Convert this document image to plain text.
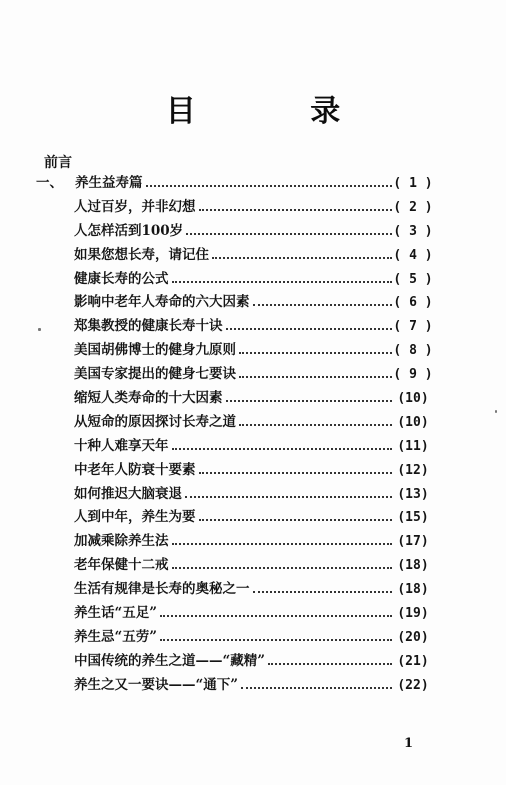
目 录
前言
一、 养生益寿篇	( 1 )
人过百岁，并非幻想	( 2 )
人怎样活到100岁	( 3 )
如果您想长寿，请记住	( 4 )
健康长寿的公式	( 5 )
影响中老年人寿命的六大因素	( 6 )
郑集教授的健康长寿十诀	( 7 )
美国胡佛博士的健身九原则	( 8 )
美国专家提出的健身七要诀	( 9 )
缩短人类寿命的十大因素	(10)
从短命的原因探讨长寿之道	(10)
十种人难享天年	(11)
中老年人防衰十要素	(12)
如何推迟大脑衰退	(13)
人到中年，养生为要	(15)
加减乘除养生法	(17)
老年保健十二戒	(18)
生活有规律是长寿的奥秘之一	(18)
养生话“五足”	(19)
养生忌“五劳”	(20)
中国传统的养生之道——“藏精”	(21)
养生之又一要诀——“通下”	(22)
1
